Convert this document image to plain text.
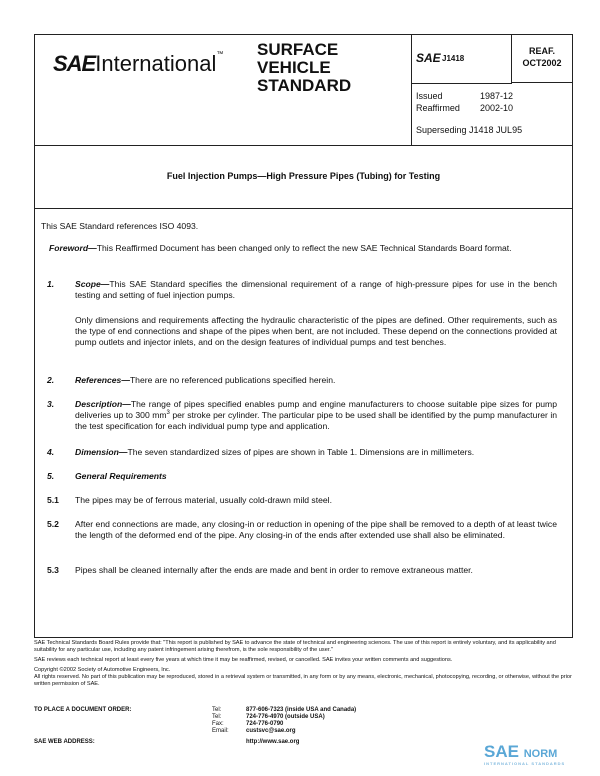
SAEInternational™ SURFACE
VEHICLE
STANDARD
SAE J1418
REAF.
OCT2002
Issued	1987-12
Reaffirmed 2002-10
Superseding J1418 JUL95
Fuel Injection Pumps—High Pressure Pipes (Tubing) for Testing
This SAE Standard references ISO 4093.
Foreword—This Reaffirmed Document has been changed only to reflect the new SAE Technical Standards Board format.
1. Scope—This SAE Standard specifies the dimensional requirement of a range of high-pressure pipes for use in the bench testing and setting of fuel injection pumps.
Only dimensions and requirements affecting the hydraulic characteristic of the pipes are defined. Other requirements, such as the type of end connections and shape of the pipes when bent, are not included. These depend on the connections provided at pump outlets and injector inlets, and on the design features of individual pumps and test benches.
2. References—There are no referenced publications specified herein.
3. Description—The range of pipes specified enables pump and engine manufacturers to choose suitable pipe sizes for pump deliveries up to 300 $mm^3$ per stroke per cylinder. The particular pipe to be used shall be identified by the pump manufacturer in the test specification for each individual pump type and application.
4. Dimension—The seven standardized sizes of pipes are shown in Table 1. Dimensions are in millimeters.
5. General Requirements
5.1 The pipes may be of ferrous material, usually cold-drawn mild steel.
5.2 After end connections are made, any closing-in or reduction in opening of the pipe shall be removed to a depth of at least twice the length of the deformed end of the pipe. Any closing-in of the ends after extended use shall also be eliminated.
5.3 Pipes shall be cleaned internally after the ends are made and bent in order to remove extraneous matter.

SAE Technical Standards Board Rules provide that: "This report is published by SAE to advance the state of technical and engineering sciences. The use of this report is entirely voluntary, and its applicability and suitability for any particular use, including any patent infringement arising therefrom, is the sole responsibility of the user."

SAE reviews each technical report at least every five years at which time it may be reaffirmed, revised, or cancelled. SAE invites your written comments and suggestions.

Copyright ©2002 Society of Automotive Engineers, Inc.

All rights reserved. No part of this publication may be reproduced, stored in a retrieval system or transmitted, in any form or by any means, electronic, mechanical, photocopying, recording, or otherwise, without the prior written permission of SAE.

TO PLACE A DOCUMENT ORDER:	Tel:	877-606-7323 (inside USA and Canada)
Tel:	724-776-4970 (outside USA)
Fax:	724-776-0790
Email:	custsvc@sae.org
SAE WEB ADDRESS:	http://www.sae.org	SAE NORM
INTERNATIONAL STANDARDS
